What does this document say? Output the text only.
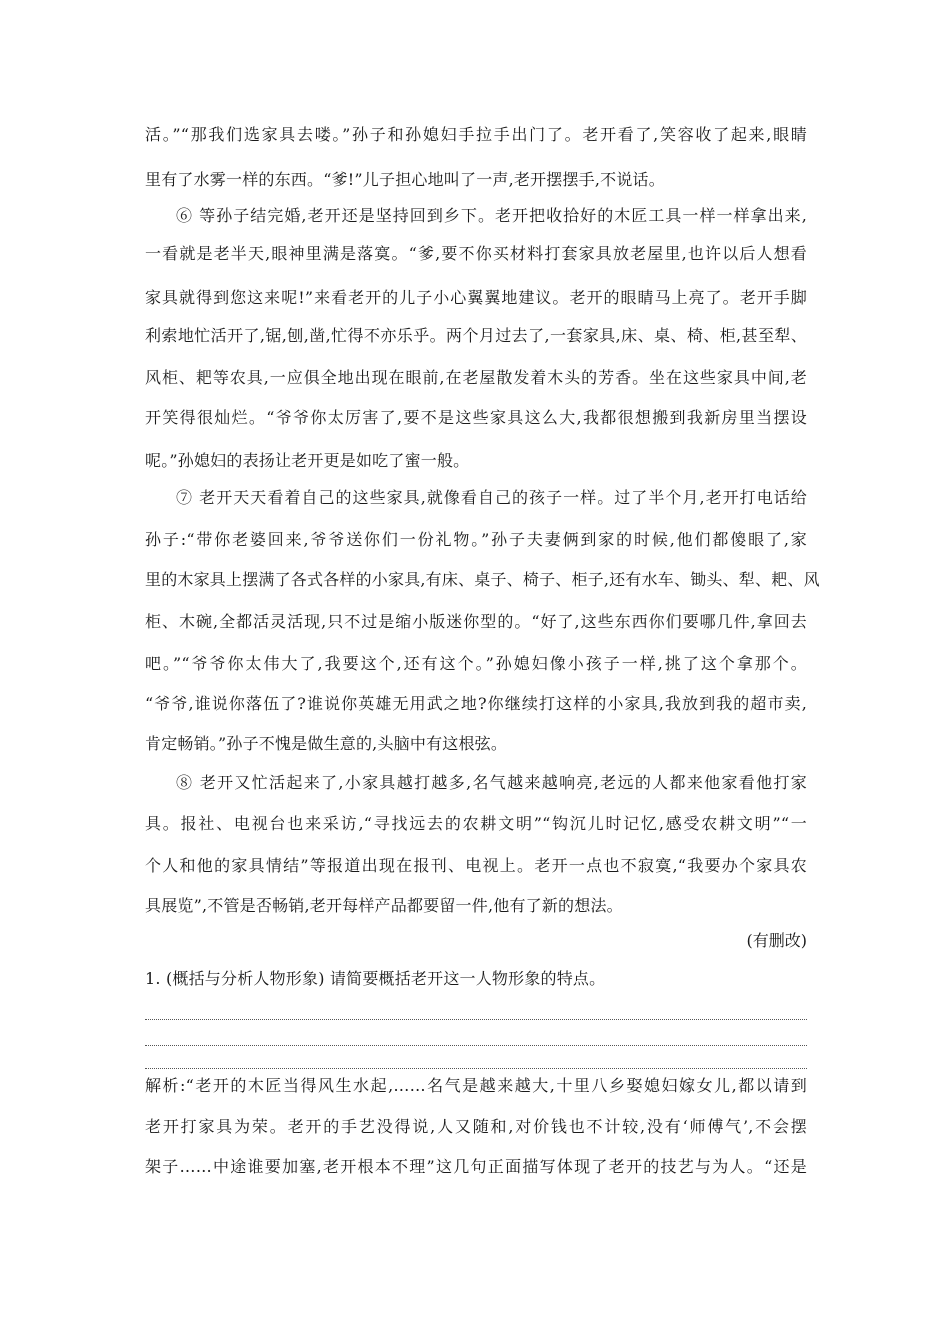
活。”“那我们选家具去喽。”孙子和孙媳妇手拉手出门了。老开看了,笑容收了起来,眼睛
里有了水雾一样的东西。“爹!”儿子担心地叫了一声,老开摆摆手,不说话。
⑥ 等孙子结完婚,老开还是坚持回到乡下。老开把收拾好的木匠工具一样一样拿出来,
一看就是老半天,眼神里满是落寞。“爹,要不你买材料打套家具放老屋里,也许以后人想看
家具就得到您这来呢!”来看老开的儿子小心翼翼地建议。老开的眼睛马上亮了。老开手脚
利索地忙活开了,锯,刨,凿,忙得不亦乐乎。两个月过去了,一套家具,床、桌、椅、柜,甚至犁、
风柜、耙等农具,一应俱全地出现在眼前,在老屋散发着木头的芳香。坐在这些家具中间,老
开笑得很灿烂。“爷爷你太厉害了,要不是这些家具这么大,我都很想搬到我新房里当摆设
呢。”孙媳妇的表扬让老开更是如吃了蜜一般。
⑦ 老开天天看着自己的这些家具,就像看自己的孩子一样。过了半个月,老开打电话给
孙子:“带你老婆回来,爷爷送你们一份礼物。”孙子夫妻俩到家的时候,他们都傻眼了,家
里的木家具上摆满了各式各样的小家具,有床、桌子、椅子、柜子,还有水车、锄头、犁、耙、风
柜、木碗,全都活灵活现,只不过是缩小版迷你型的。“好了,这些东西你们要哪几件,拿回去
吧。”“爷爷你太伟大了,我要这个,还有这个。”孙媳妇像小孩子一样,挑了这个拿那个。
“爷爷,谁说你落伍了?谁说你英雄无用武之地?你继续打这样的小家具,我放到我的超市卖,
肯定畅销。”孙子不愧是做生意的,头脑中有这根弦。
⑧ 老开又忙活起来了,小家具越打越多,名气越来越响亮,老远的人都来他家看他打家
具。报社、电视台也来采访,“寻找远去的农耕文明”“钩沉儿时记忆,感受农耕文明”“一
个人和他的家具情结”等报道出现在报刊、电视上。老开一点也不寂寞,“我要办个家具农
具展览”,不管是否畅销,老开每样产品都要留一件,他有了新的想法。
(有删改)
1. (概括与分析人物形象) 请简要概括老开这一人物形象的特点。
解析:“老开的木匠当得风生水起,……名气是越来越大,十里八乡娶媳妇嫁女儿,都以请到
老开打家具为荣。老开的手艺没得说,人又随和,对价钱也不计较,没有‘师傅气’,不会摆
架子……中途谁要加塞,老开根本不理”这几句正面描写体现了老开的技艺与为人。“还是
